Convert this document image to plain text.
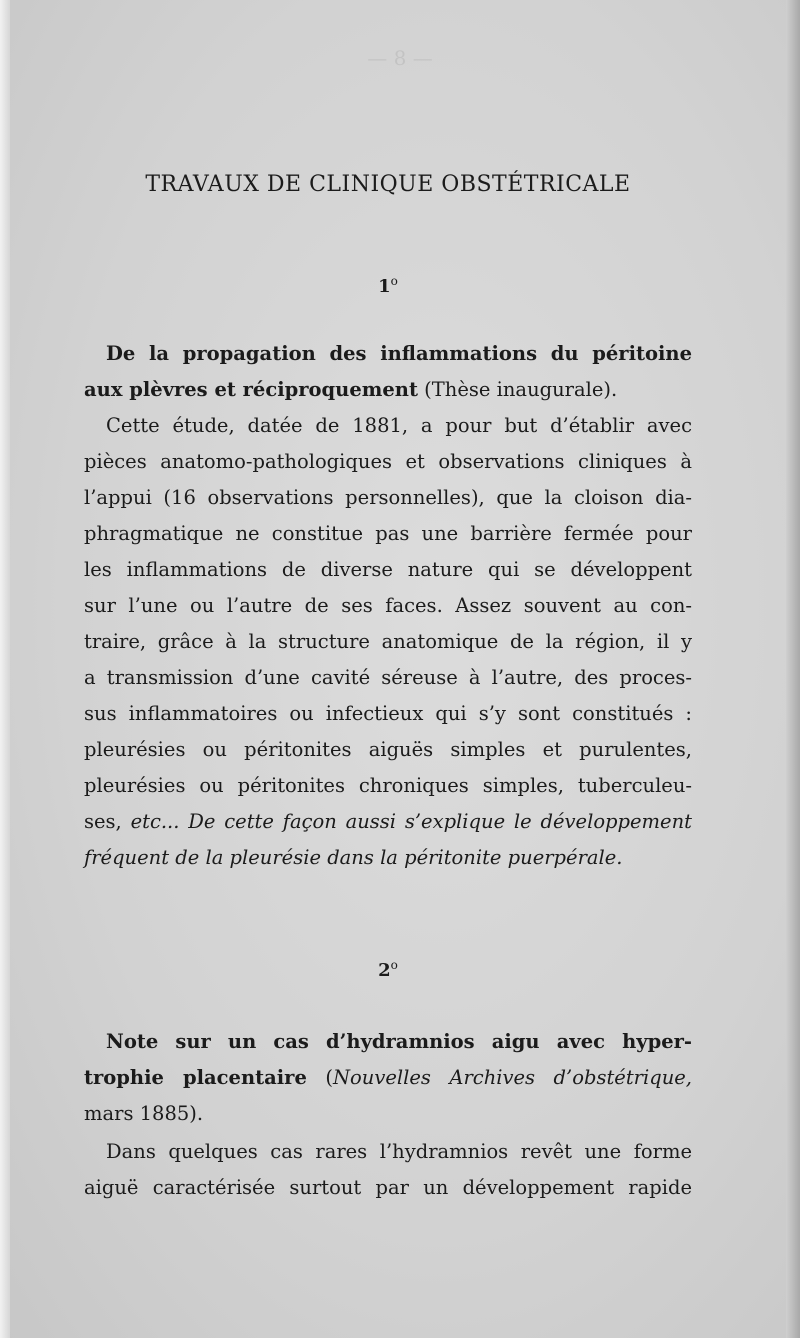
— 8 —
TRAVAUX DE CLINIQUE OBSTÉTRICALE
1$^o$
De la propagation des inflammations du péritoine
aux plèvres et réciproquement (Thèse inaugurale).
Cette étude, datée de 1881, a pour but d’établir avec
pièces anatomo-pathologiques et observations cliniques à
l’appui (16 observations personnelles), que la cloison dia-
phragmatique ne constitue pas une barrière fermée pour
les inflammations de diverse nature qui se développent
sur l’une ou l’autre de ses faces. Assez souvent au con-
traire, grâce à la structure anatomique de la région, il y
a transmission d’une cavité séreuse à l’autre, des proces-
sus inflammatoires ou infectieux qui s’y sont constitués :
pleurésies ou péritonites aiguës simples et purulentes,
pleurésies ou péritonites chroniques simples, tuberculeu-
ses, etc... De cette façon aussi s’explique le développement
fréquent de la pleurésie dans la péritonite puerpérale.
2$^o$
Note sur un cas d’hydramnios aigu avec hyper-
trophie placentaire (Nouvelles Archives d’obstétrique,
mars 1885).
Dans quelques cas rares l’hydramnios revêt une forme
aiguë caractérisée surtout par un développement rapide
